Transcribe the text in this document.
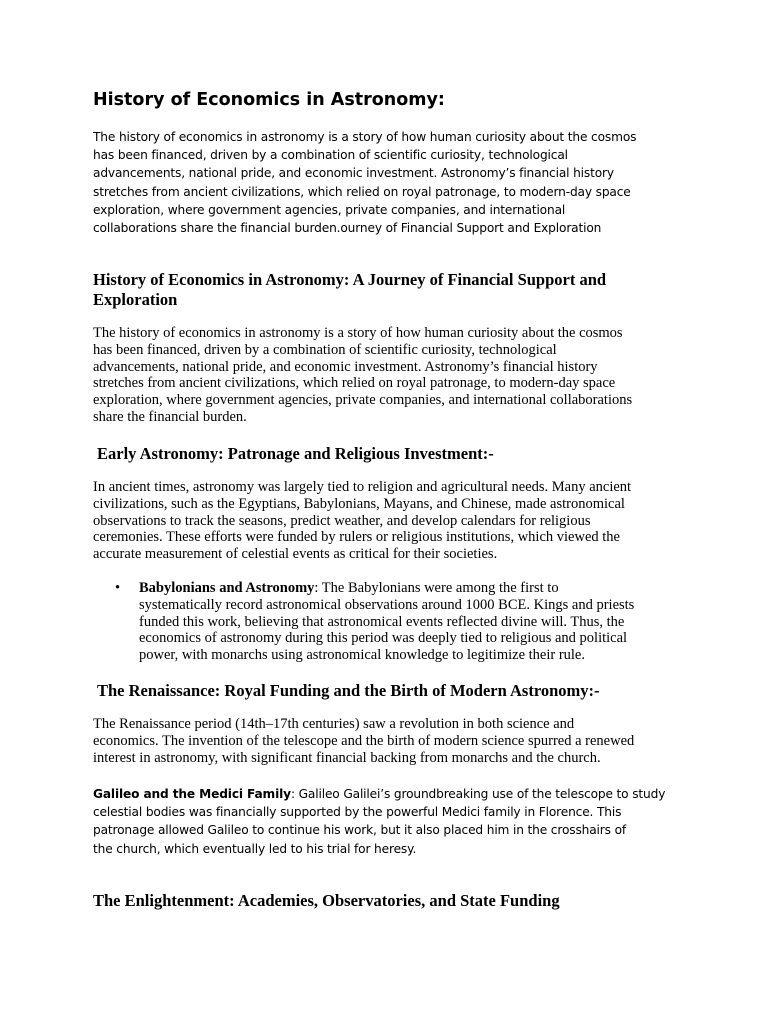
History of Economics in Astronomy:

The history of economics in astronomy is a story of how human curiosity about the cosmos
has been financed, driven by a combination of scientific curiosity, technological
advancements, national pride, and economic investment. Astronomy’s financial history
stretches from ancient civilizations, which relied on royal patronage, to modern-day space
exploration, where government agencies, private companies, and international
collaborations share the financial burden.ourney of Financial Support and Exploration

History of Economics in Astronomy: A Journey of Financial Support and
Exploration

The history of economics in astronomy is a story of how human curiosity about the cosmos
has been financed, driven by a combination of scientific curiosity, technological
advancements, national pride, and economic investment. Astronomy’s financial history
stretches from ancient civilizations, which relied on royal patronage, to modern-day space
exploration, where government agencies, private companies, and international collaborations
share the financial burden.

Early Astronomy: Patronage and Religious Investment:-

In ancient times, astronomy was largely tied to religion and agricultural needs. Many ancient
civilizations, such as the Egyptians, Babylonians, Mayans, and Chinese, made astronomical
observations to track the seasons, predict weather, and develop calendars for religious
ceremonies. These efforts were funded by rulers or religious institutions, which viewed the
accurate measurement of celestial events as critical for their societies.

• Babylonians and Astronomy: The Babylonians were among the first to
systematically record astronomical observations around 1000 BCE. Kings and priests
funded this work, believing that astronomical events reflected divine will. Thus, the
economics of astronomy during this period was deeply tied to religious and political
power, with monarchs using astronomical knowledge to legitimize their rule.

The Renaissance: Royal Funding and the Birth of Modern Astronomy:-

The Renaissance period (14th–17th centuries) saw a revolution in both science and
economics. The invention of the telescope and the birth of modern science spurred a renewed
interest in astronomy, with significant financial backing from monarchs and the church.

Galileo and the Medici Family: Galileo Galilei’s groundbreaking use of the telescope to study
celestial bodies was financially supported by the powerful Medici family in Florence. This
patronage allowed Galileo to continue his work, but it also placed him in the crosshairs of
the church, which eventually led to his trial for heresy.

The Enlightenment: Academies, Observatories, and State Funding
